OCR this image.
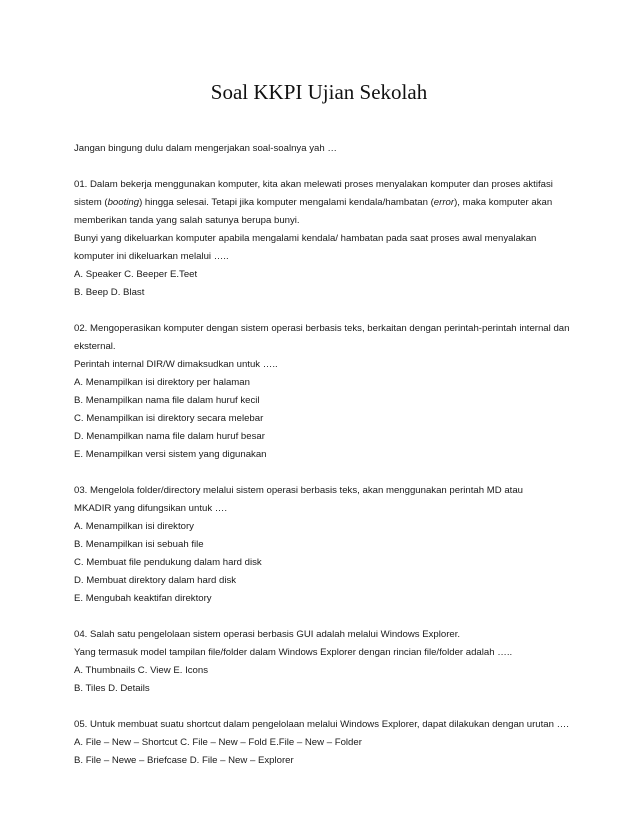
Soal KKPI Ujian Sekolah
Jangan bingung dulu dalam mengerjakan soal-soalnya yah …
01. Dalam bekerja menggunakan komputer, kita akan melewati proses menyalakan komputer dan proses aktifasi
sistem (booting) hingga selesai. Tetapi jika komputer mengalami kendala/hambatan (error), maka komputer akan
memberikan tanda yang salah satunya berupa bunyi.
Bunyi yang dikeluarkan komputer apabila mengalami kendala/ hambatan pada saat proses awal menyalakan
komputer ini dikeluarkan melalui …..
A. Speaker C. Beeper E.Teet
B. Beep D. Blast
02. Mengoperasikan komputer dengan sistem operasi berbasis teks, berkaitan dengan perintah-perintah internal dan
eksternal.
Perintah internal DIR/W dimaksudkan untuk …..
A. Menampilkan isi direktory per halaman
B. Menampilkan nama file dalam huruf kecil
C. Menampilkan isi direktory secara melebar
D. Menampilkan nama file dalam huruf besar
E. Menampilkan versi sistem yang digunakan
03. Mengelola folder/directory melalui sistem operasi berbasis teks, akan menggunakan perintah MD atau
MKADIR yang difungsikan untuk ….
A. Menampilkan isi direktory
B. Menampilkan isi sebuah file
C. Membuat file pendukung dalam hard disk
D. Membuat direktory dalam hard disk
E. Mengubah keaktifan direktory
04. Salah satu pengelolaan sistem operasi berbasis GUI adalah melalui Windows Explorer.
Yang termasuk model tampilan file/folder dalam Windows Explorer dengan rincian file/folder adalah …..
A. Thumbnails C. View E. Icons
B. Tiles D. Details
05. Untuk membuat suatu shortcut dalam pengelolaan melalui Windows Explorer, dapat dilakukan dengan urutan ….
A. File – New – Shortcut C. File – New – Fold E.File – New – Folder
B. File – Newe – Briefcase D. File – New – Explorer
